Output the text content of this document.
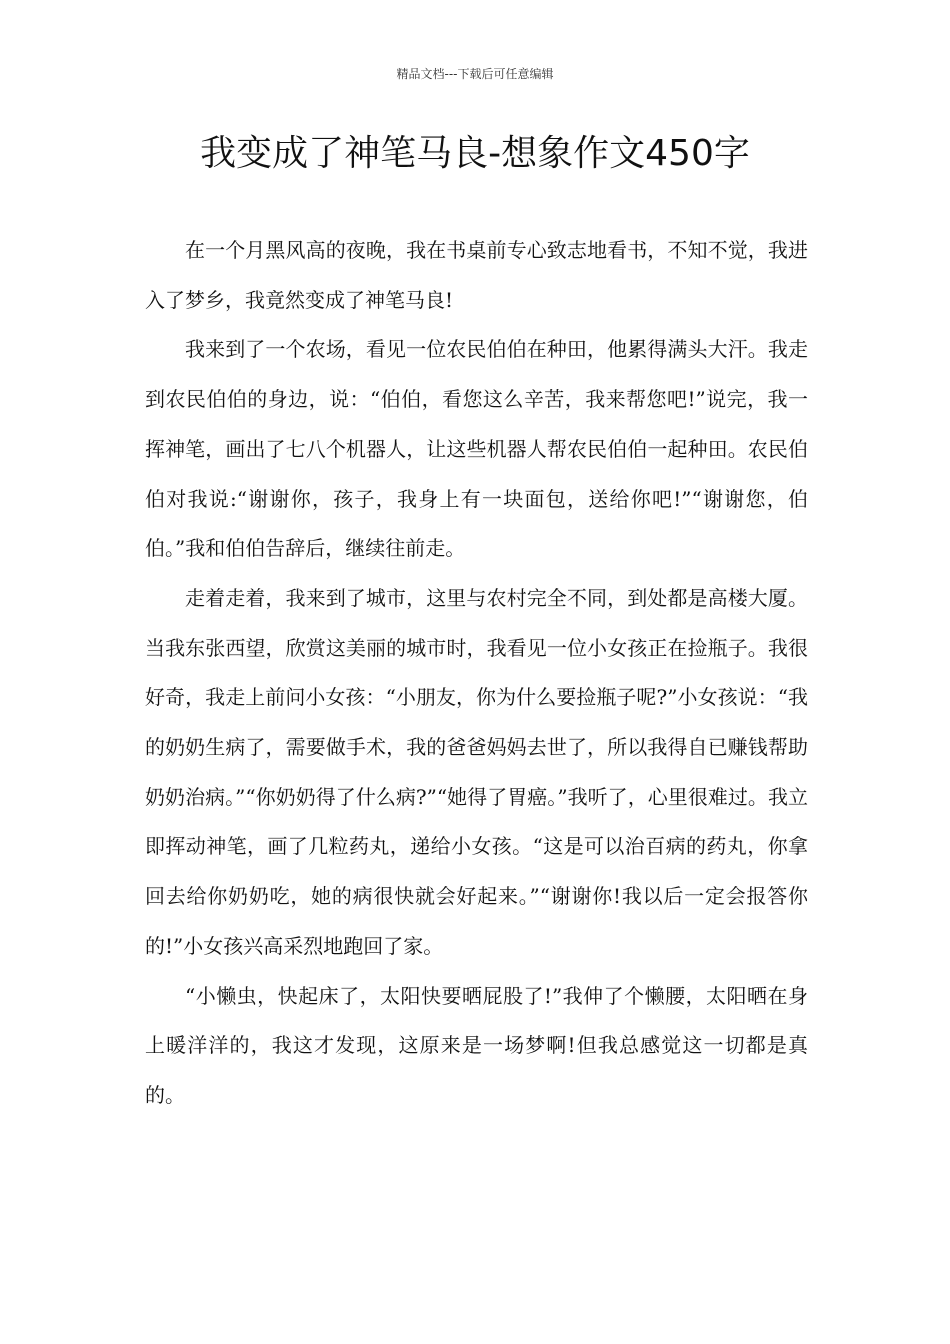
精品文档---下载后可任意编辑
我变成了神笔马良-想象作文450字

在一个月黑风高的夜晚，我在书桌前专心致志地看书，不知不觉，我进入了梦乡，我竟然变成了神笔马良!

我来到了一个农场，看见一位农民伯伯在种田，他累得满头大汗。我走到农民伯伯的身边，说：“伯伯，看您这么辛苦，我来帮您吧!”说完，我一挥神笔，画出了七八个机器人，让这些机器人帮农民伯伯一起种田。农民伯伯对我说:“谢谢你，孩子，我身上有一块面包，送给你吧!”“谢谢您，伯伯。”我和伯伯告辞后，继续往前走。

走着走着，我来到了城市，这里与农村完全不同，到处都是高楼大厦。当我东张西望，欣赏这美丽的城市时，我看见一位小女孩正在捡瓶子。我很好奇，我走上前问小女孩：“小朋友，你为什么要捡瓶子呢?”小女孩说：“我的奶奶生病了，需要做手术，我的爸爸妈妈去世了，所以我得自已赚钱帮助奶奶治病。”“你奶奶得了什么病?”“她得了胃癌。”我听了，心里很难过。我立即挥动神笔，画了几粒药丸，递给小女孩。“这是可以治百病的药丸，你拿回去给你奶奶吃，她的病很快就会好起来。”“谢谢你!我以后一定会报答你的!”小女孩兴高采烈地跑回了家。

“小懒虫，快起床了，太阳快要晒屁股了!”我伸了个懒腰，太阳晒在身上暖洋洋的，我这才发现，这原来是一场梦啊!但我总感觉这一切都是真的。
